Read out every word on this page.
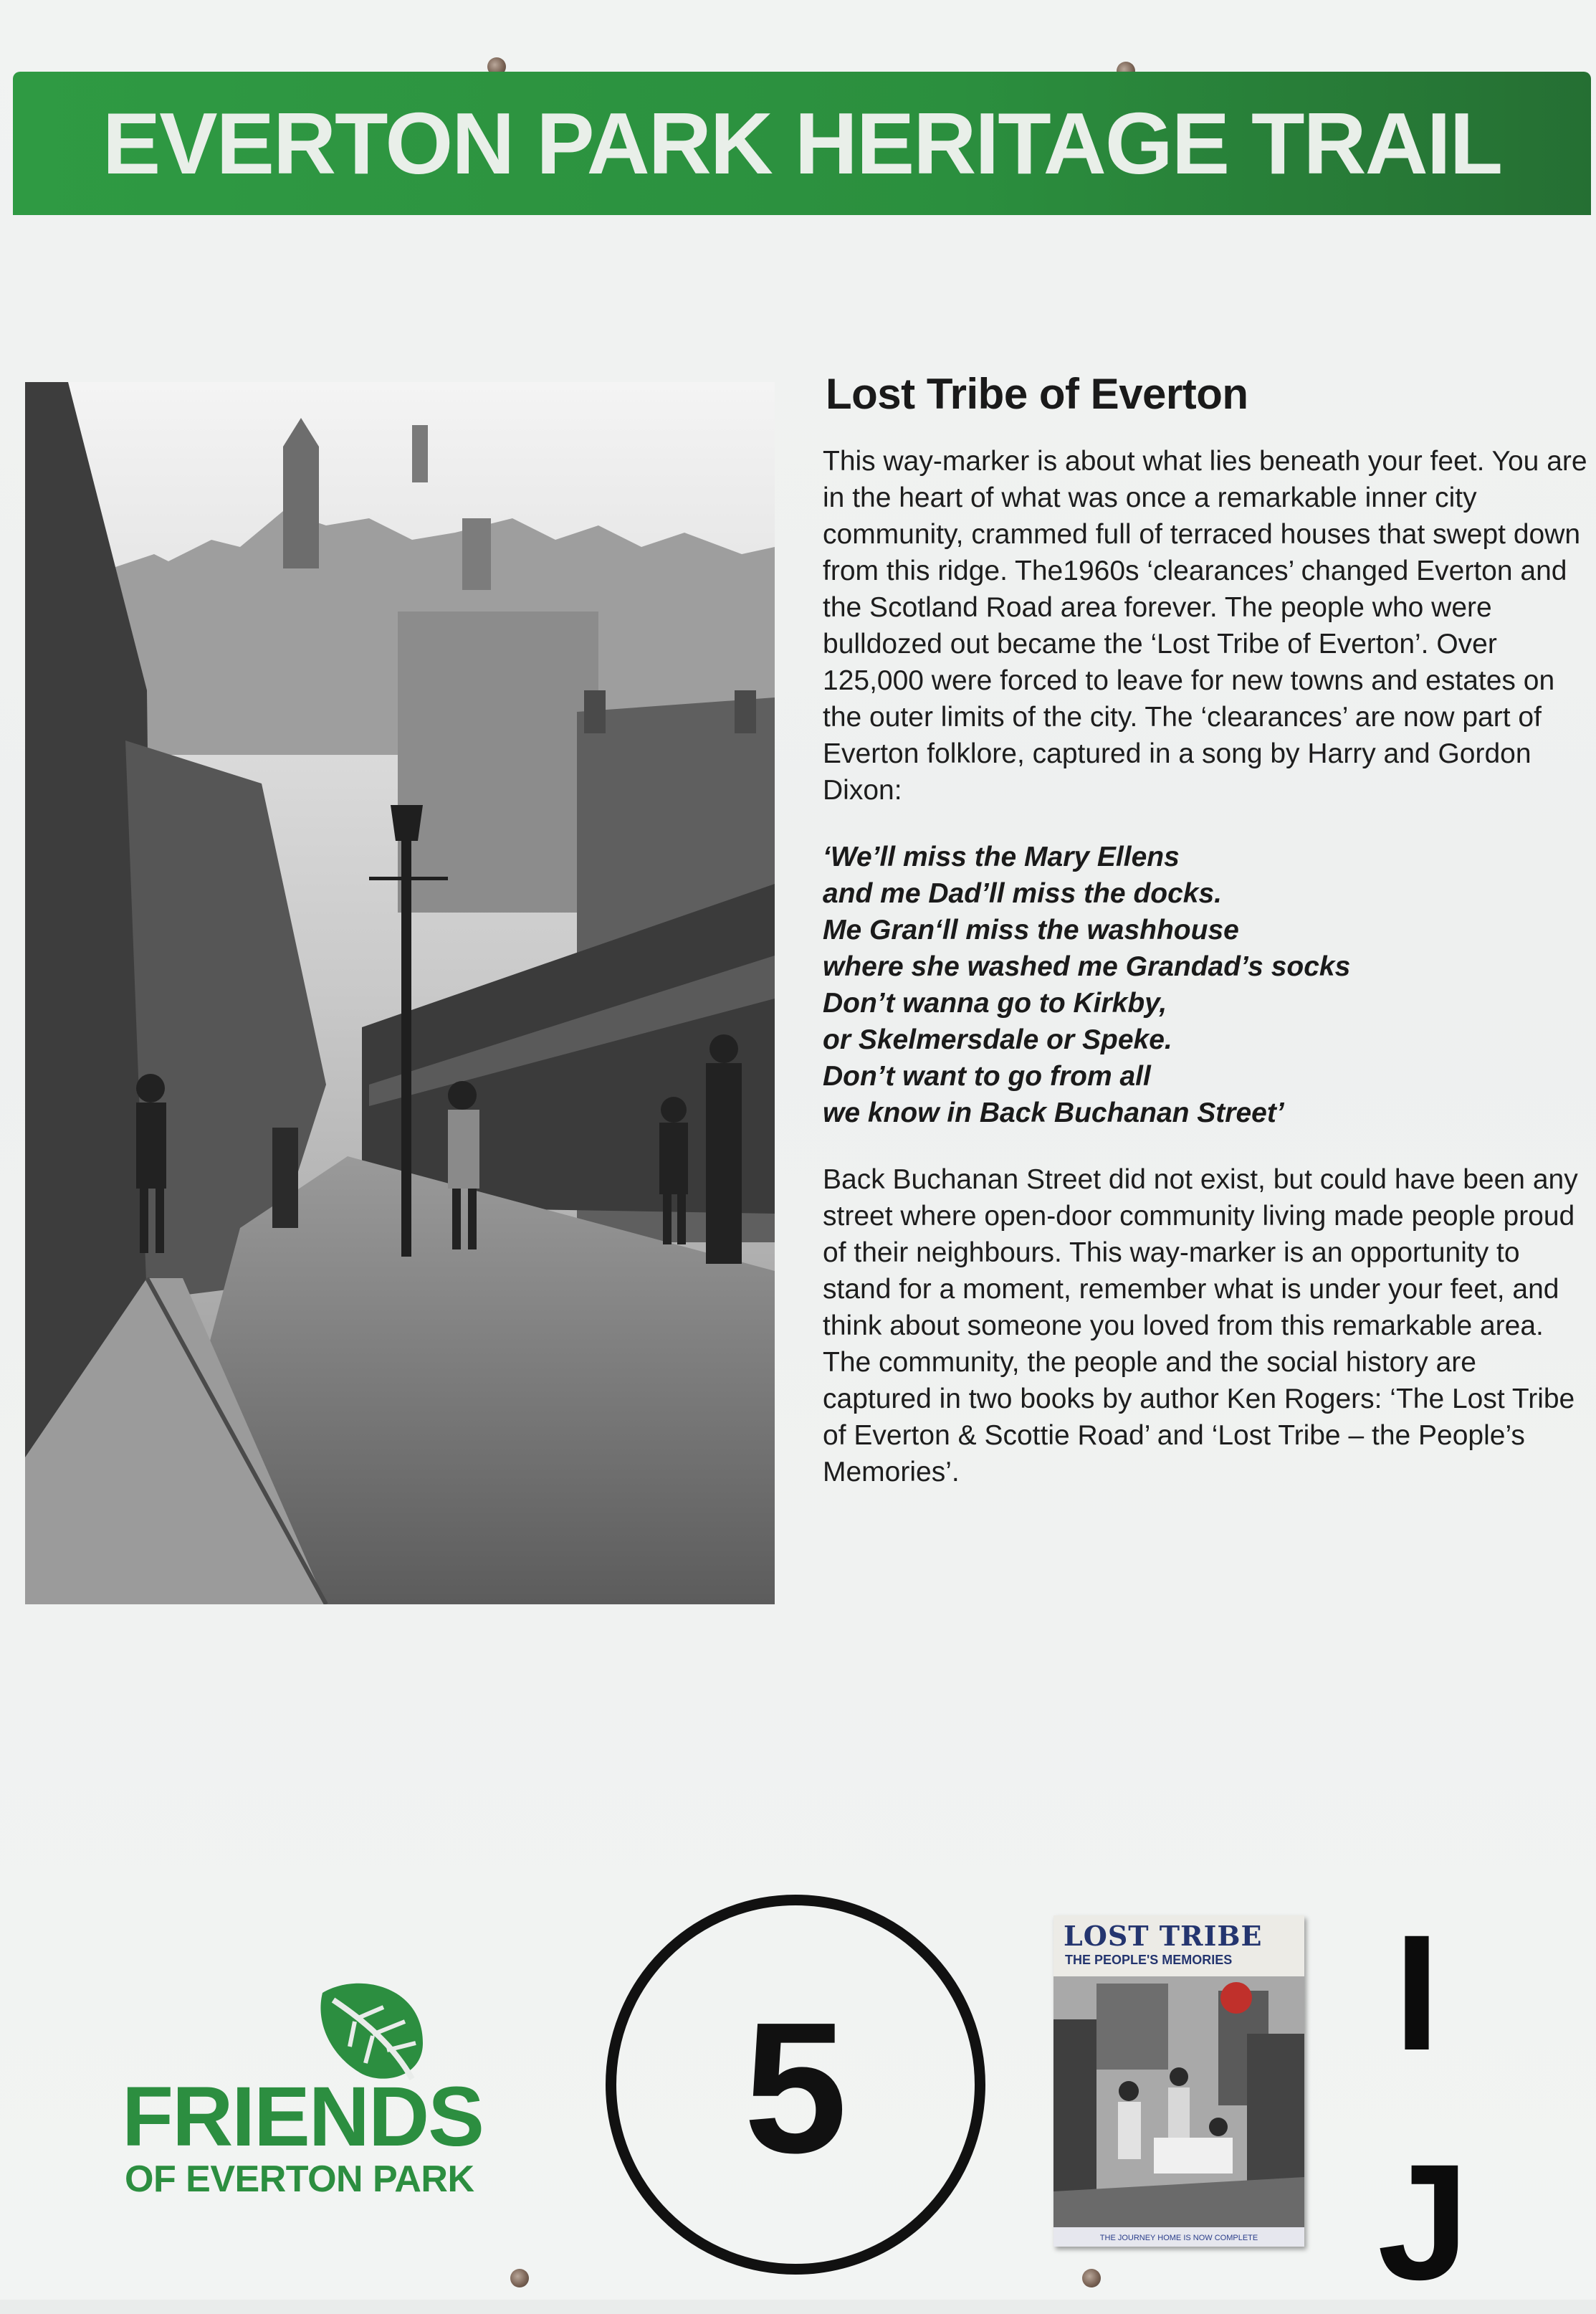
EVERTON PARK HERITAGE TRAIL
Lost Tribe of Everton

This way-marker is about what lies beneath your feet. You are in the heart of what was once a remarkable inner city community, crammed full of terraced houses that swept down from this ridge. The1960s ‘clearances’ changed Everton and the Scotland Road area forever. The people who were bulldozed out became the ‘Lost Tribe of Everton’. Over 125,000 were forced to leave for new towns and estates on the outer limits of the city. The ‘clearances’ are now part of Everton folklore, captured in a song by Harry and Gordon Dixon:

‘We’ll miss the Mary Ellens
and me Dad’ll miss the docks.
Me Gran‘ll miss the washhouse
where she washed me Grandad’s socks
Don’t wanna go to Kirkby,
or Skelmersdale or Speke.
Don’t want to go from all
we know in Back Buchanan Street’

Back Buchanan Street did not exist, but could have been any street where open-door community living made people proud of their neighbours. This way-marker is an opportunity to stand for a moment, remember what is under your feet, and think about someone you loved from this remarkable area. The community, the people and the social history are captured in two books by author Ken Rogers: ‘The Lost Tribe of Everton & Scottie Road’ and ‘Lost Tribe – the People’s Memories’.

FRIENDS
OF EVERTON PARK 5
LOST TRIBE
THE PEOPLE'S MEMORIES
THE JOURNEY HOME IS NOW COMPLETE
I
J
